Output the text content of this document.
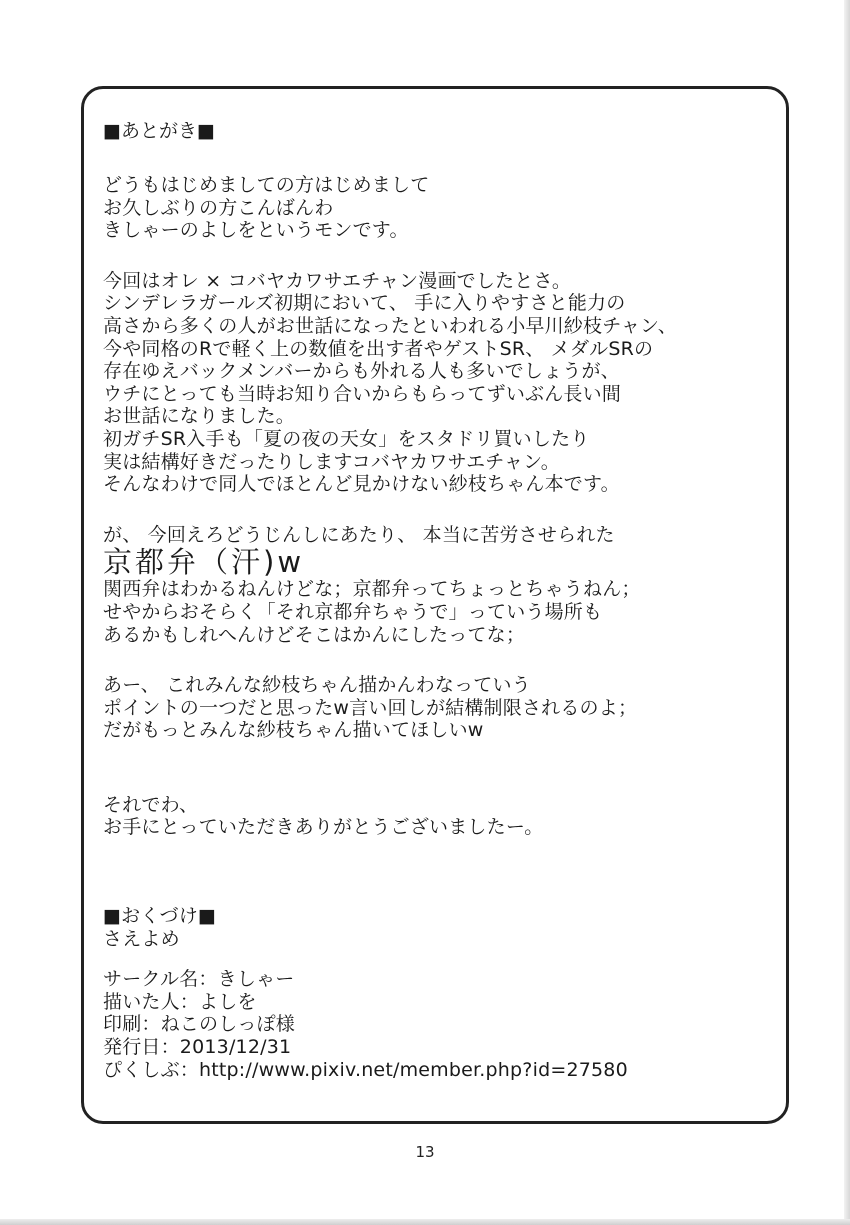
■あとがき■
どうもはじめましての方はじめまして
お久しぶりの方こんばんわ
きしゃーのよしをというモンです。
今回はオレ × コバヤカワサエチャン漫画でしたとさ。
シンデレラガールズ初期において、 手に入りやすさと能力の
高さから多くの人がお世話になったといわれる小早川紗枝チャン、
今や同格のRで軽く上の数値を出す者やゲストSR、 メダルSRの
存在ゆえバックメンバーからも外れる人も多いでしょうが、
ウチにとっても当時お知り合いからもらってずいぶん長い間
お世話になりました。
初ガチSR入手も「夏の夜の天女」をスタドリ買いしたり
実は結構好きだったりしますコバヤカワサエチャン。
そんなわけで同人でほとんど見かけない紗枝ちゃん本です。
が、 今回えろどうじんしにあたり、 本当に苦労させられた
京都弁（汗)w
関西弁はわかるねんけどな；京都弁ってちょっとちゃうねん；
せやからおそらく「それ京都弁ちゃうで」っていう場所も
あるかもしれへんけどそこはかんにしたってな；
あー、 これみんな紗枝ちゃん描かんわなっていう
ポイントの一つだと思ったw言い回しが結構制限されるのよ；
だがもっとみんな紗枝ちゃん描いてほしいw
それでわ、
お手にとっていただきありがとうございましたー。
■おくづけ■
さえよめ
サークル名：きしゃー
描いた人：よしを
印刷：ねこのしっぽ様
発行日：2013/12/31
ぴくしぶ：http://www.pixiv.net/member.php?id=27580
13
